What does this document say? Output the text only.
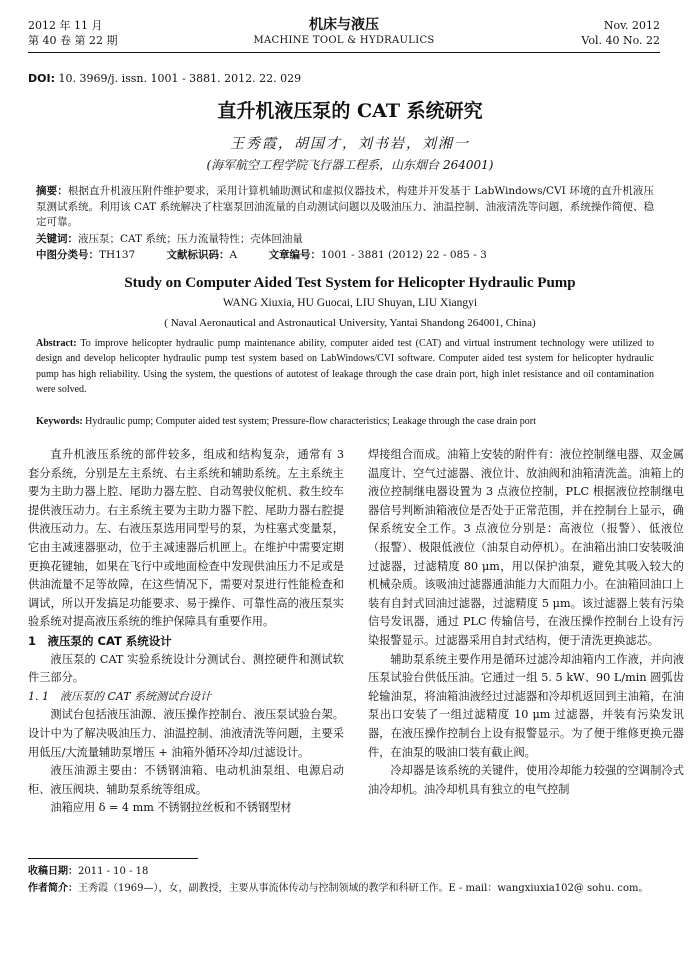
2012 年 11 月
第 40 卷 第 22 期
机床与液压
MACHINE TOOL & HYDRAULICS
Nov. 2012
Vol. 40 No. 22
DOI: 10. 3969/j. issn. 1001 - 3881. 2012. 22. 029
直升机液压泵的 CAT 系统研究
王秀霞，胡国才，刘书岩，刘湘一
(海军航空工程学院飞行器工程系，山东烟台 264001)
摘要：根据直升机液压附件维护要求，采用计算机辅助测试和虚拟仪器技术，构建并开发基于 LabWindows/CVI 环境的直升机液压泵测试系统。利用该 CAT 系统解决了柱塞泵回油流量的自动测试问题以及吸油压力、油温控制、油液清洗等问题，系统操作简便、稳定可靠。
关键词：液压泵；CAT 系统；压力流量特性；壳体回油量
中图分类号：TH137	文献标识码：A	文章编号：1001 - 3881 (2012) 22 - 085 - 3
Study on Computer Aided Test System for Helicopter Hydraulic Pump
WANG Xiuxia, HU Guocai, LIU Shuyan, LIU Xiangyi
( Naval Aeronautical and Astronautical University, Yantai Shandong 264001, China)
Abstract: To improve helicopter hydraulic pump maintenance ability, computer aided test (CAT) and virtual instrument technology were utilized to design and develop helicopter hydraulic pump test system based on LabWindows/CVI software. Computer aided test system for helicopter hydraulic pump has high reliability. Using the system, the questions of autotest of leakage through the case drain port, high inlet resistance and oil contamination were solved.
Keywords: Hydraulic pump; Computer aided test system; Pressure-flow characteristics; Leakage through the case drain port

直升机液压系统的部件较多，组成和结构复杂，通常有 3 套分系统，分别是左主系统、右主系统和辅助系统。左主系统主要为主助力器上腔、尾助力器左腔、自动驾驶仪舵机、救生绞车提供液压动力。右主系统主要为主助力器下腔、尾助力器右腔提供液压动力。左、右液压泵选用同型号的泵，为柱塞式变量泵，它由主减速器驱动，位于主减速器后机匣上。在维护中需要定期更换花键轴，如果在飞行中或地面检查中发现供油压力不足或是供油流量不足等故障，在这些情况下，需要对泵进行性能检查和调试，所以开发搞足功能要求、易于操作、可靠性高的液压泵实验系统对提高液压系统的维护保障具有重要作用。

1　液压泵的 CAT 系统设计

液压泵的 CAT 实验系统设计分测试台、测控硬件和测试软件三部分。

1. 1　液压泵的 CAT 系统测试台设计

测试台包括液压油源、液压操作控制台、液压泵试验台架。设计中为了解决吸油压力、油温控制、油液清洗等问题，主要采用低压/大流量辅助泵增压 + 油箱外循环冷却/过滤设计。

液压油源主要由：不锈钢油箱、电动机油泵组、电源启动柜、液压阀块、辅助泵系统等组成。

油箱应用 δ = 4 mm 不锈钢拉丝板和不锈钢型材

焊接组合而成。油箱上安装的附件有：液位控制继电器、双金属温度计、空气过滤器、液位计、放油阀和油箱清洗盖。油箱上的液位控制继电器设置为 3 点液位控制，PLC 根据液位控制继电器信号判断油箱液位是否处于正常范围，并在控制台上显示，确保系统安全工作。3 点液位分别是：高液位（报警）、低液位（报警）、极限低液位（油泵自动停机）。在油箱出油口安装吸油过滤器，过滤精度 80 μm，用以保护油泵，避免其吸入较大的机械杂质。该吸油过滤器通油能力大而阻力小。在油箱回油口上装有自封式回油过滤器，过滤精度 5 μm。该过滤器上装有污染信号发讯器，通过 PLC 传输信号，在液压操作控制台上设有污染报警显示。过滤器采用自封式结构，便于清洗更换滤芯。

辅助泵系统主要作用是循环过滤冷却油箱内工作液，并向液压泵试验台供低压油。它通过一组 5. 5 kW、90 L/min 圆弧齿轮输油泵，将油箱油液经过过滤器和冷却机返回到主油箱，在油泵出口安装了一组过滤精度 10 μm 过滤器，并装有污染发讯器，在液压操作控制台上设有报警显示。为了便于维修更换元器件，在油泵的吸油口装有截止阀。

冷却器是该系统的关键件，使用冷却能力较强的空调制冷式油冷却机。油冷却机具有独立的电气控制

收稿日期：2011 - 10 - 18
作者简介：王秀霞（1969—），女，副教授，主要从事流体传动与控制领域的教学和科研工作。E - mail：wangxiuxia102@ sohu. com。
